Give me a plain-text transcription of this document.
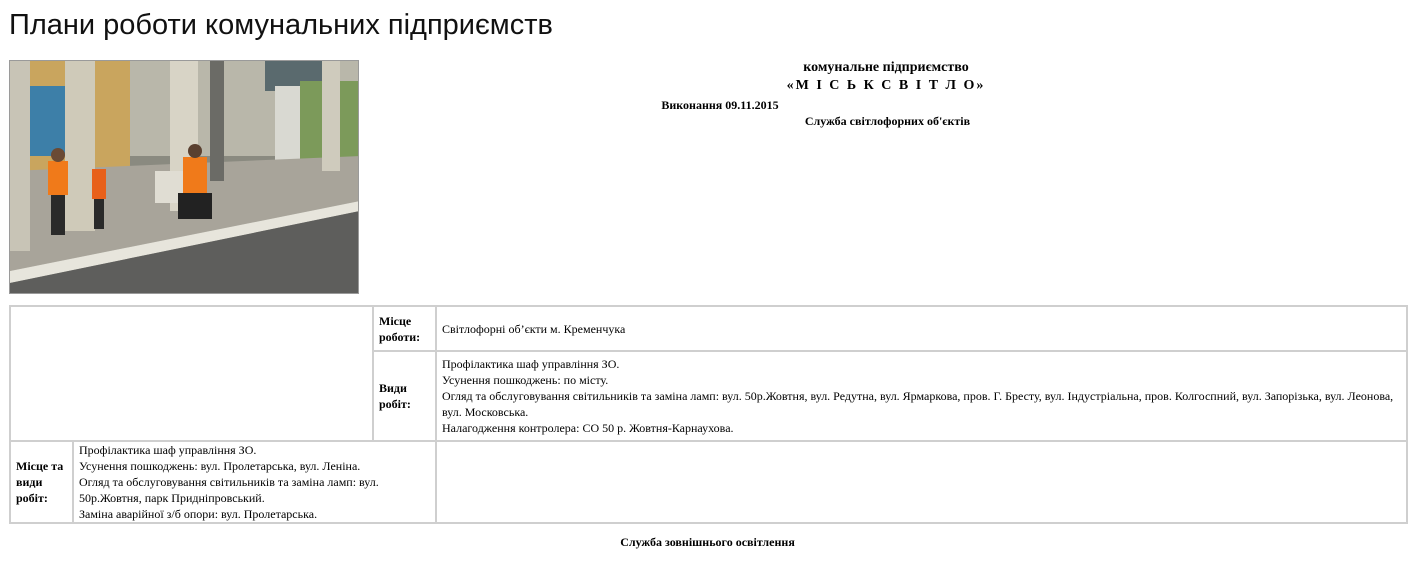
Плани роботи комунальних підприємств
комунальне підприємство
«М І С Ь К С В І Т Л О»
Виконання 09.11.2015
Служба світлофорних об'єктів
		Місце роботи:	Світлофорні об’єкти м. Кременчука
		Види робіт:	Профілактика шаф управління ЗО.
Усунення пошкоджень: по місту.
Огляд та обслуговування світильників та заміна ламп: вул. 50р.Жовтня, вул. Редутна, вул. Ярмаркова, пров. Г. Бресту, вул. Індустріальна, пров. Колгоспний, вул. Запорізька, вул. Леонова, вул. Московська.
Налагодження контролера: СО 50 р. Жовтня-Карнаухова.

Місце та види робіт:	Профілактика шаф управління ЗО.
Усунення пошкоджень: вул. Пролетарська, вул. Леніна.
Огляд та обслуговування світильників та заміна ламп: вул. 50р.Жовтня, парк Придніпровський.
Заміна аварійної з/б опори: вул. Пролетарська.		

Служба зовнішнього освітлення
